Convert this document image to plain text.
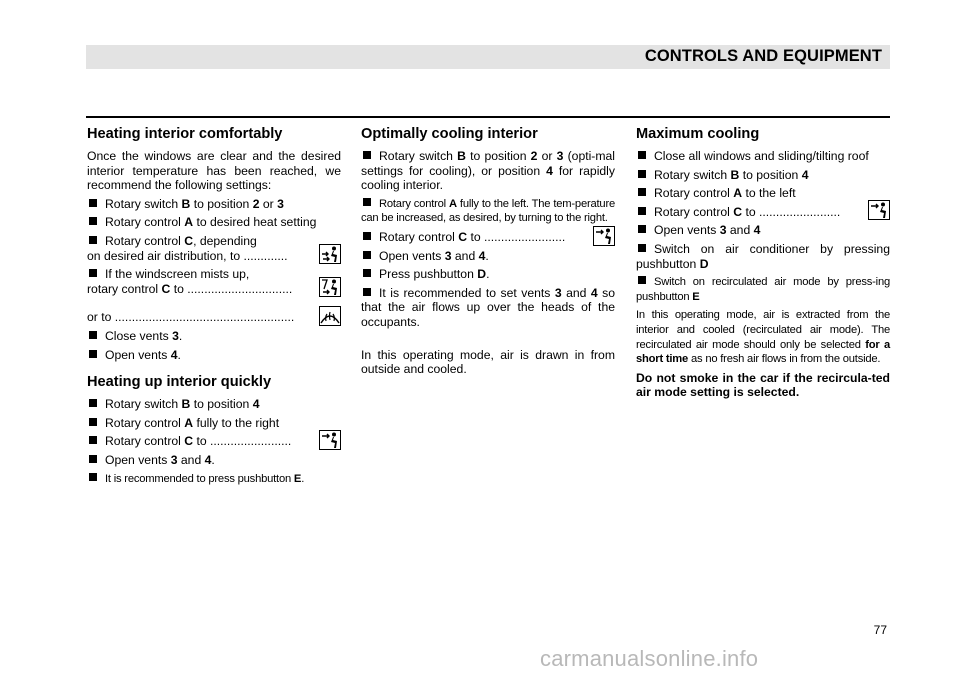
CONTROLS AND EQUIPMENT
Heating interior comfortably
Once the windows are clear and the desired interior temperature has been reached, we recommend the following settings:
Rotary switch B to position 2 or 3
Rotary control A to desired heat setting
Rotary control C, depending
on desired air distribution, to .............
If the windscreen mists up,
rotary control C to ...............................
or to .....................................................
Close vents 3.
Open vents 4.
Heating up interior quickly
Rotary switch B to position 4
Rotary control A fully to the right
Rotary control C to ........................
Open vents 3 and 4.
It is recommended to press pushbutton E.
Optimally cooling interior
Rotary switch B to position 2 or 3 (opti-mal settings for cooling), or position 4 for rapidly cooling interior.
Rotary control A fully to the left. The tem-perature can be increased, as desired, by turning to the right.
Rotary control C to ........................
Open vents 3 and 4.
Press pushbutton D.
It is recommended to set vents 3 and 4 so that the air flows up over the heads of the occupants.
In this operating mode, air is drawn in from outside and cooled.
Maximum cooling
Close all windows and sliding/tilting roof
Rotary switch B to position 4
Rotary control A to the left
Rotary control C to ........................
Open vents 3 and 4
Switch on air conditioner by pressing pushbutton D
Switch on recirculated air mode by press-ing pushbutton E
In this operating mode, air is extracted from the interior and cooled (recirculated air mode). The recirculated air mode should only be selected for a short time as no fresh air flows in from the outside.
Do not smoke in the car if the recircula-ted air mode setting is selected.
77
carmanualsonline.info
